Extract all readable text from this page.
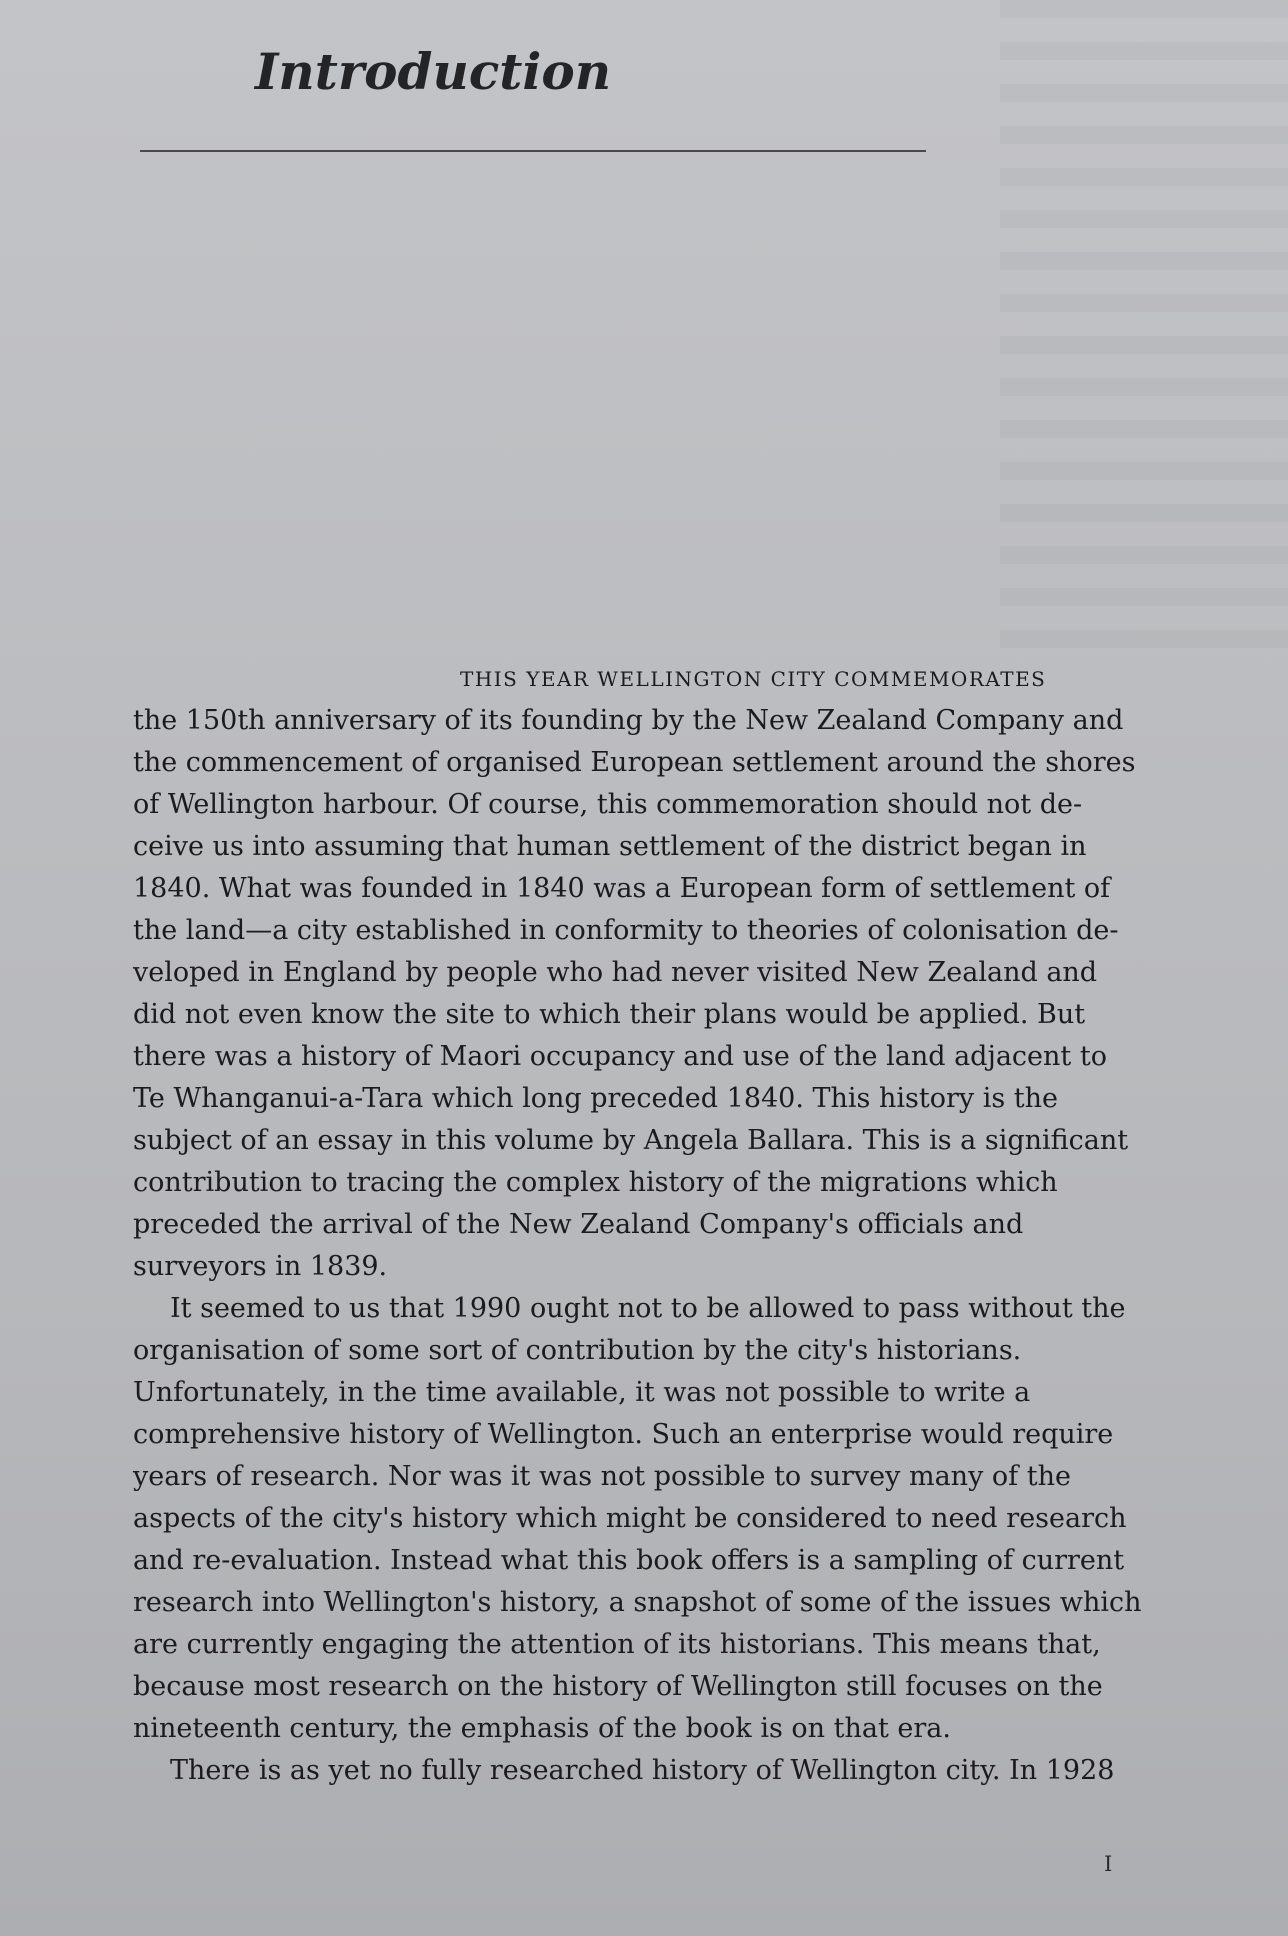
Introduction

THIS YEAR WELLINGTON CITY COMMEMORATES

the 150th anniversary of its founding by the New Zealand Company and
the commencement of organised European settlement around the shores
of Wellington harbour. Of course, this commemoration should not de-
ceive us into assuming that human settlement of the district began in
1840. What was founded in 1840 was a European form of settlement of
the land—a city established in conformity to theories of colonisation de-
veloped in England by people who had never visited New Zealand and
did not even know the site to which their plans would be applied. But
there was a history of Maori occupancy and use of the land adjacent to
Te Whanganui-a-Tara which long preceded 1840. This history is the
subject of an essay in this volume by Angela Ballara. This is a significant
contribution to tracing the complex history of the migrations which
preceded the arrival of the New Zealand Company's officials and
surveyors in 1839.

It seemed to us that 1990 ought not to be allowed to pass without the
organisation of some sort of contribution by the city's historians.
Unfortunately, in the time available, it was not possible to write a
comprehensive history of Wellington. Such an enterprise would require
years of research. Nor was it was not possible to survey many of the
aspects of the city's history which might be considered to need research
and re-evaluation. Instead what this book offers is a sampling of current
research into Wellington's history, a snapshot of some of the issues which
are currently engaging the attention of its historians. This means that,
because most research on the history of Wellington still focuses on the
nineteenth century, the emphasis of the book is on that era.

There is as yet no fully researched history of Wellington city. In 1928

I
